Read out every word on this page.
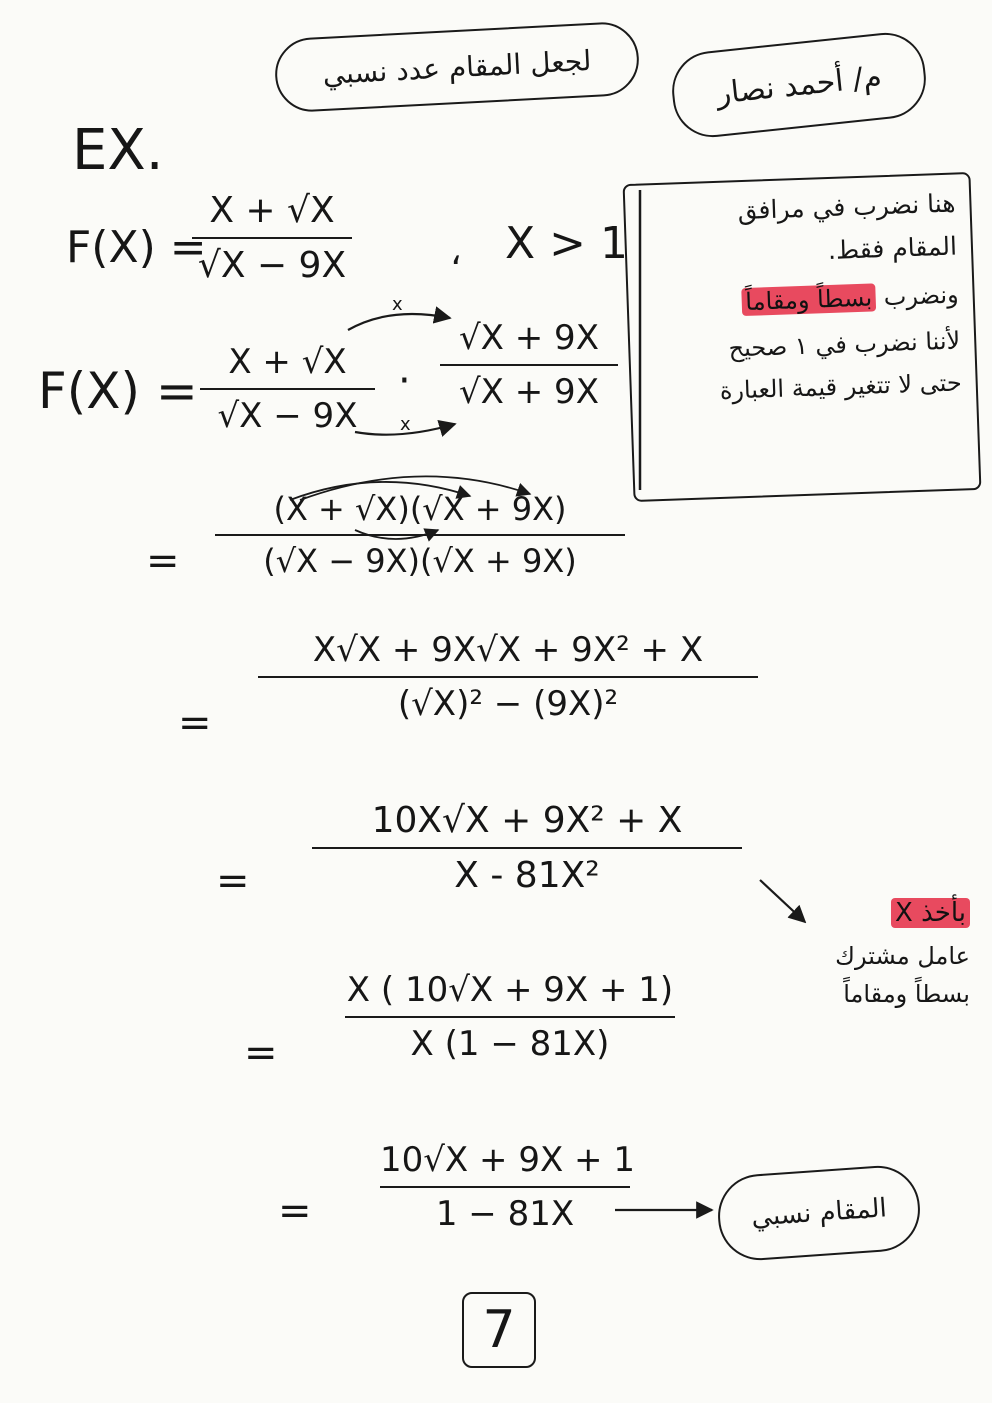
لجعل المقام عدد نسبي	م/ أحمد نصار
EX.
F(X) =
X + √X
√X − 9X	، X > 1
F(X) = X + √X
√X − 9X
·
√X + 9X
√X + 9X
x
x
هنا نضرب في مرافق
المقام فقط.
ونضرب بسطاً ومقاماً
لأننا نضرب في ١ صحيح
حتى لا تتغير قيمة العبارة
=
(X + √X)(√X + 9X)
(√X − 9X)(√X + 9X)
=
X√X + 9X√X + 9X² + X
(√X)² − (9X)²
=
10X√X + 9X² + X
X - 81X²
=
X ( 10√X + 9X + 1)
X (1 − 81X)
=
10√X + 9X + 1
1 − 81X
بأخذ X
عامل مشترك
بسطاً ومقاماً
المقام نسبي
7
